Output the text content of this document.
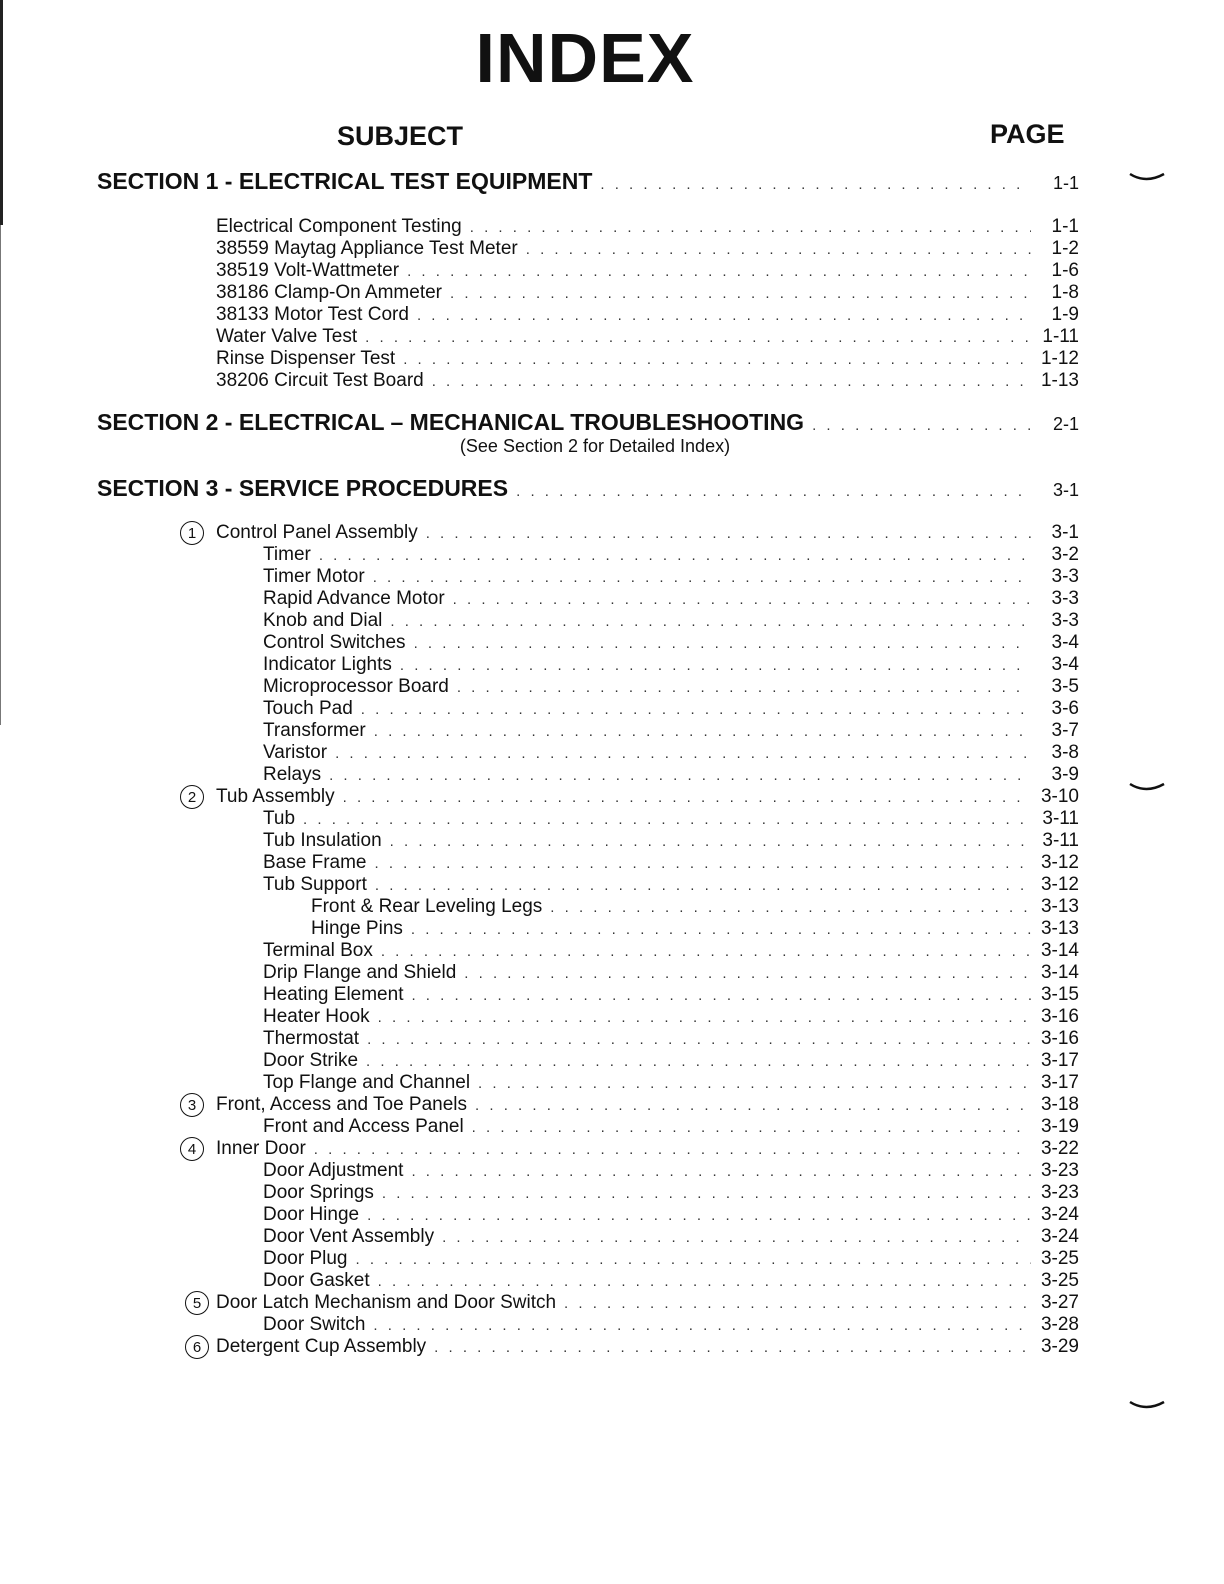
INDEX
SUBJECT	PAGE
SECTION 1 - ELECTRICAL TEST EQUIPMENT . . .	1-1
Electrical Component Testing . . .	1-1
38559 Maytag Appliance Test Meter . . .	1-2
38519 Volt-Wattmeter . . .	1-6
38186 Clamp-On Ammeter . . .	1-8
38133 Motor Test Cord . . .	1-9
Water Valve Test . . .	1-11
Rinse Dispenser Test . . .	1-12
38206 Circuit Test Board . . .	1-13
SECTION 2 - ELECTRICAL – MECHANICAL TROUBLESHOOTING . . .	2-1
(See Section 2 for Detailed Index)
SECTION 3 - SERVICE PROCEDURES . . .	3-1
1	Control Panel Assembly . . .	3-1
Timer . . .	3-2
Timer Motor . . .	3-3
Rapid Advance Motor . . .	3-3
Knob and Dial . . .	3-3
Control Switches . . .	3-4
Indicator Lights . . .	3-4
Microprocessor Board . . .	3-5
Touch Pad . . .	3-6
Transformer . . .	3-7
Varistor . . .	3-8
Relays . . .	3-9
2	Tub Assembly . . .	3-10
Tub . . .	3-11
Tub Insulation . . .	3-11
Base Frame . . .	3-12
Tub Support . . .	3-12
Front & Rear Leveling Legs . . .	3-13
Hinge Pins . . .	3-13
Terminal Box . . .	3-14
Drip Flange and Shield . . .	3-14
Heating Element . . .	3-15
Heater Hook . . .	3-16
Thermostat . . .	3-16
Door Strike . . .	3-17
Top Flange and Channel . . .	3-17
3	Front, Access and Toe Panels . . .	3-18
Front and Access Panel . . .	3-19
4	Inner Door . . .	3-22
Door Adjustment . . .	3-23
Door Springs . . .	3-23
Door Hinge . . .	3-24
Door Vent Assembly . . .	3-24
Door Plug . . .	3-25
Door Gasket . . .	3-25
5 Door Latch Mechanism and Door Switch . . .	3-27
Door Switch . . .	3-28
6 Detergent Cup Assembly . . .	3-29
